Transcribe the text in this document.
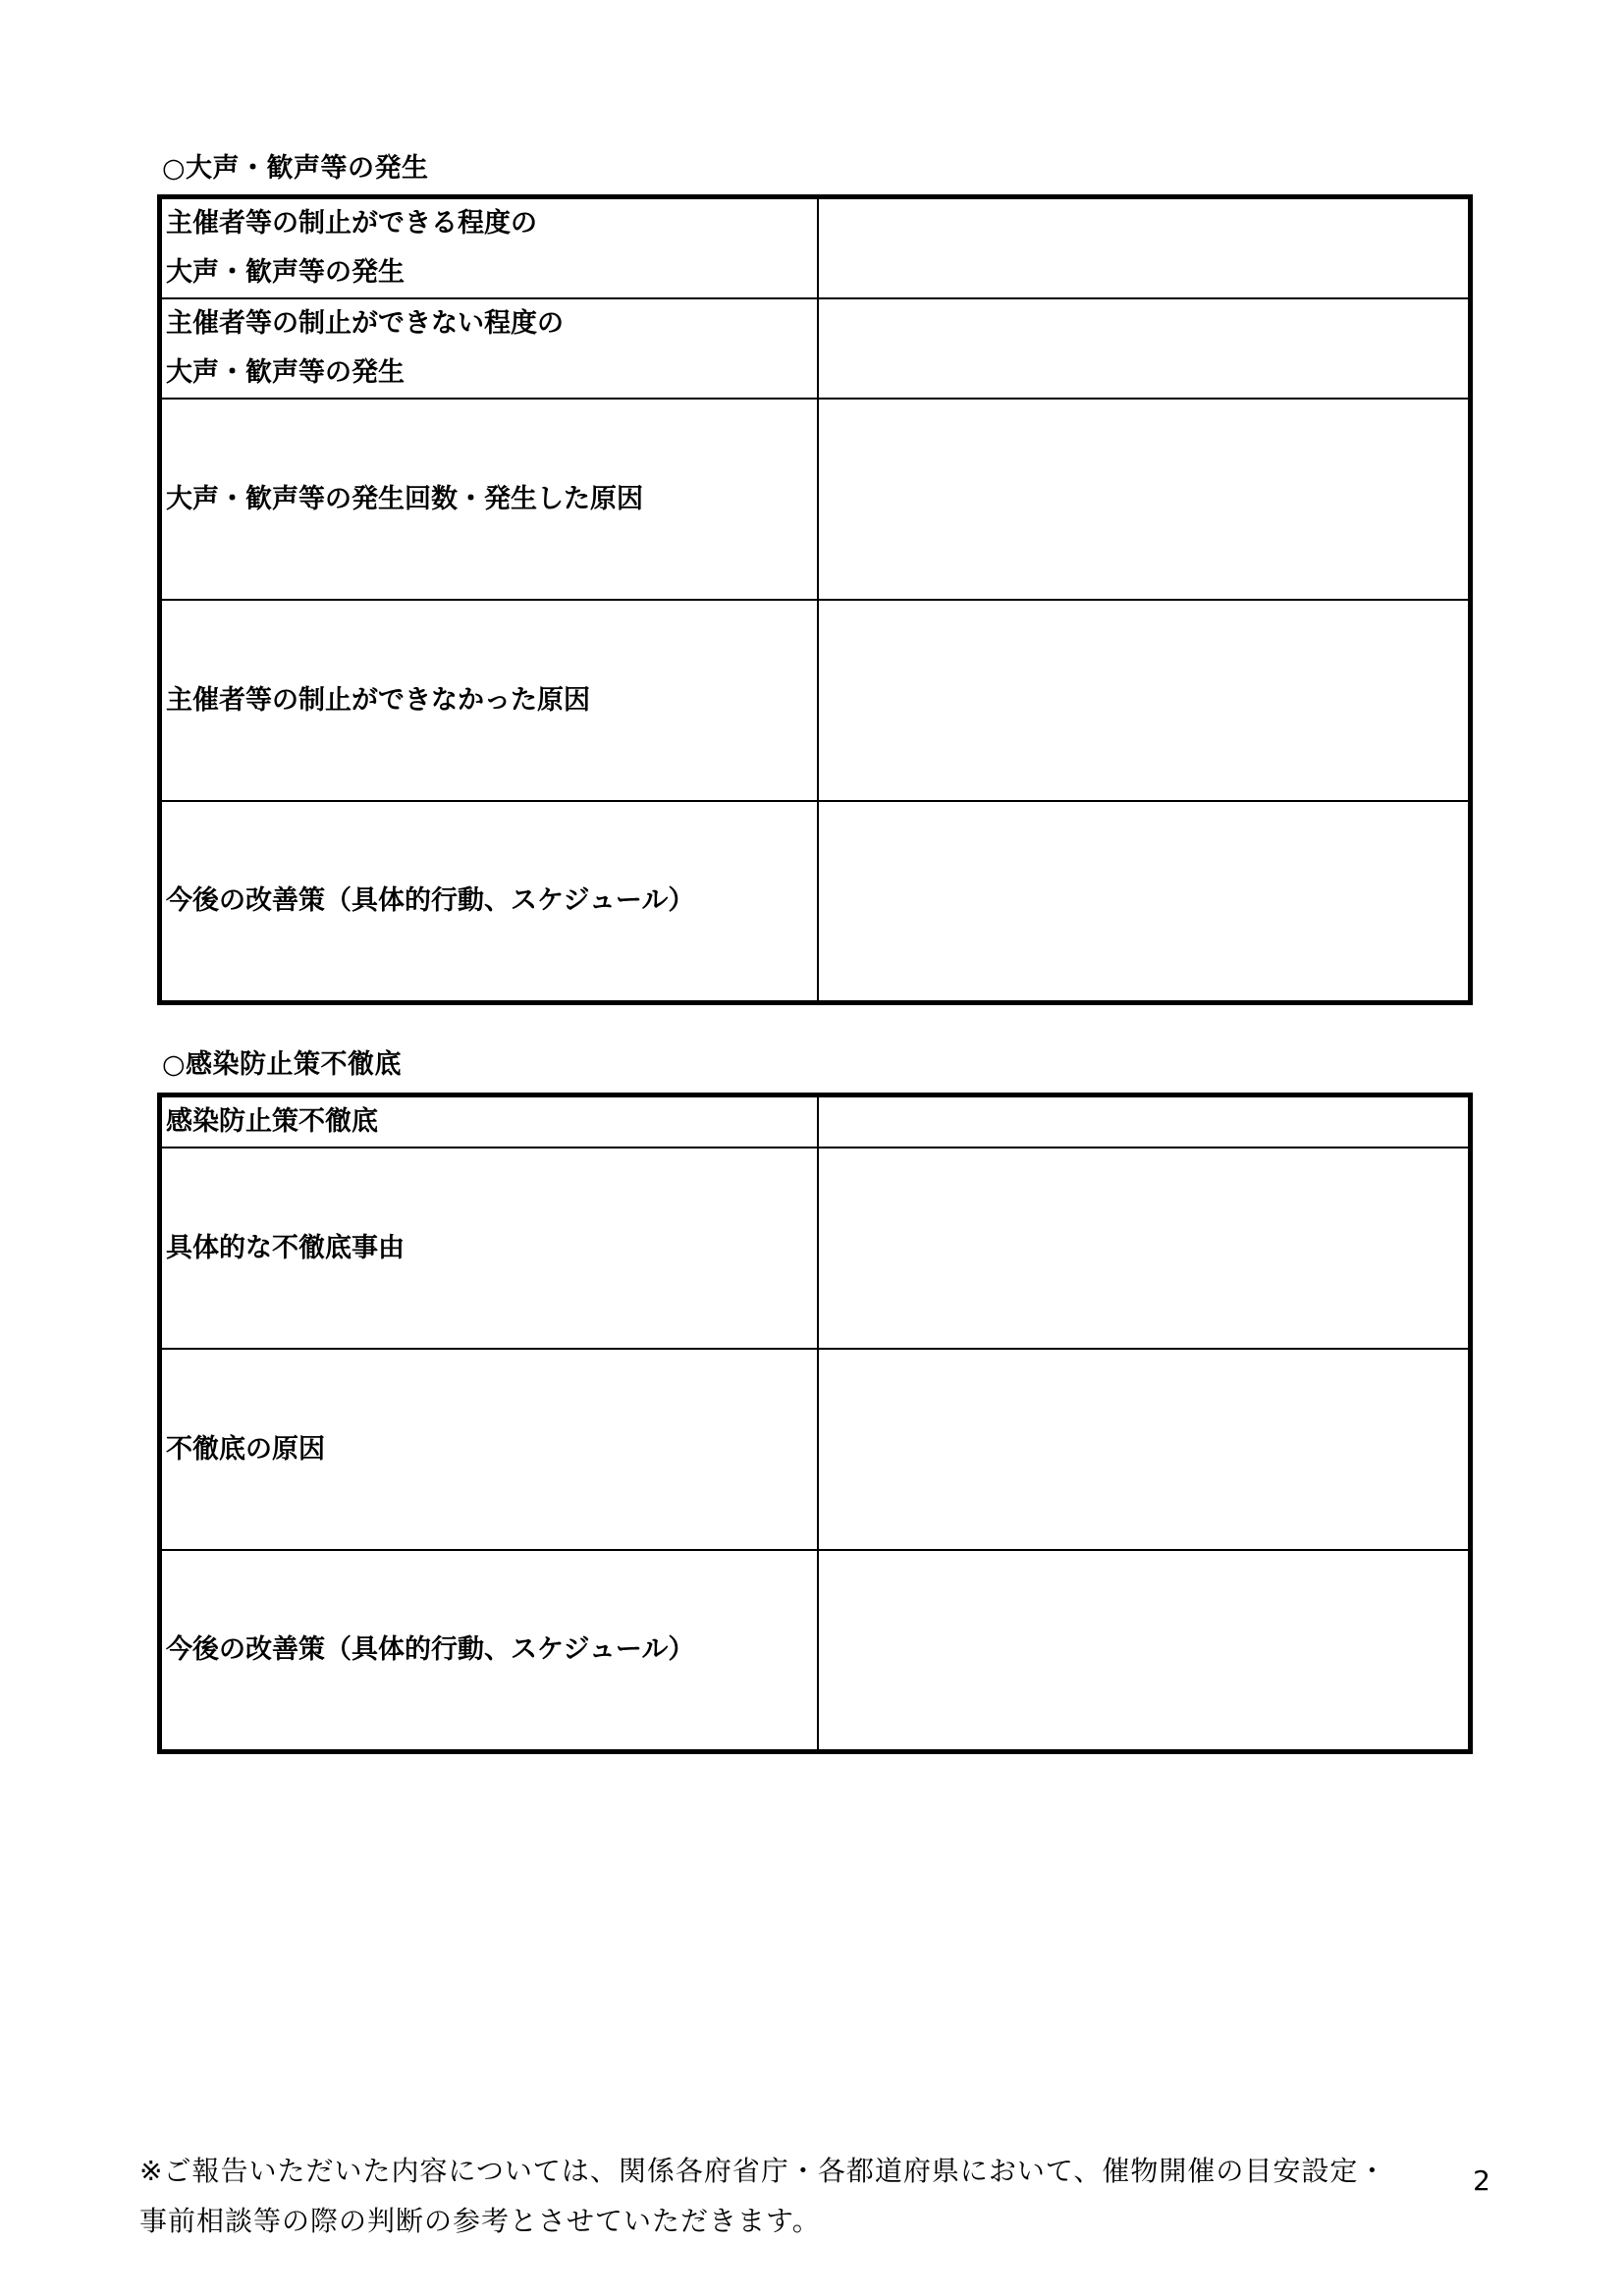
○大声・歓声等の発生
主催者等の制止ができる程度の
大声・歓声等の発生	

主催者等の制止ができない程度の
大声・歓声等の発生	

大声・歓声等の発生回数・発生した原因	

主催者等の制止ができなかった原因	

今後の改善策（具体的行動、スケジュール）	

○感染防止策不徹底
感染防止策不徹底	

具体的な不徹底事由	

不徹底の原因	

今後の改善策（具体的行動、スケジュール）	

※ご報告いただいた内容については、関係各府省庁・各都道府県において、催物開催の目安設定・
事前相談等の際の判断の参考とさせていただきます。
2
